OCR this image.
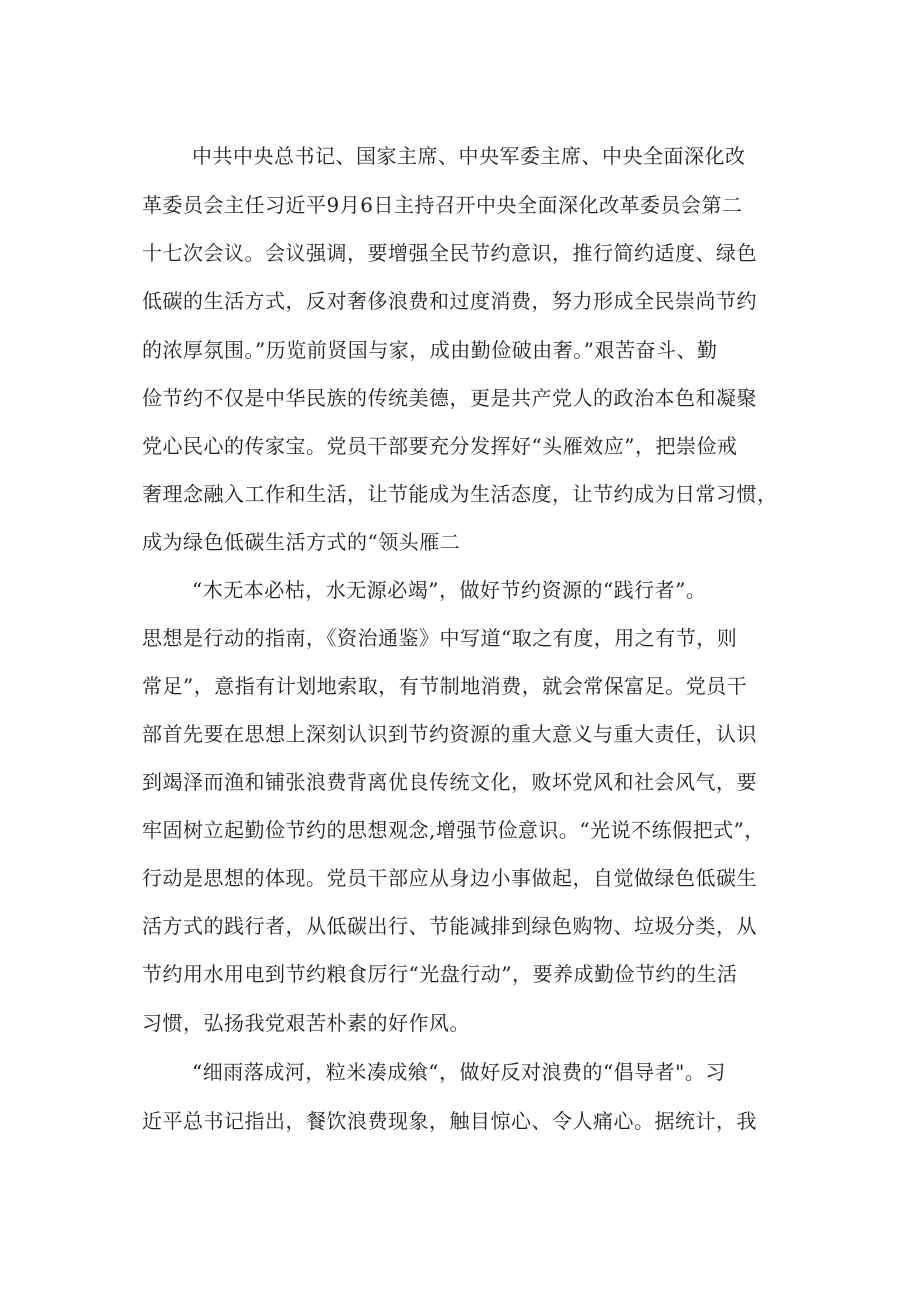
中共中央总书记、国家主席、中央军委主席、中央全面深化改
革委员会主任习近平9月6日主持召开中央全面深化改革委员会第二
十七次会议。会议强调，要增强全民节约意识，推行简约适度、绿色
低碳的生活方式，反对奢侈浪费和过度消费，努力形成全民崇尚节约
的浓厚氛围。”历览前贤国与家，成由勤俭破由奢。”艰苦奋斗、勤
俭节约不仅是中华民族的传统美德，更是共产党人的政治本色和凝聚
党心民心的传家宝。党员干部要充分发挥好“头雁效应”，把崇俭戒
奢理念融入工作和生活，让节能成为生活态度，让节约成为日常习惯，
成为绿色低碳生活方式的“领头雁二
“木无本必枯，水无源必竭”，做好节约资源的“践行者”。
思想是行动的指南，《资治通鉴》中写道“取之有度，用之有节，则
常足”，意指有计划地索取，有节制地消费，就会常保富足。党员干
部首先要在思想上深刻认识到节约资源的重大意义与重大责任，认识
到竭泽而渔和铺张浪费背离优良传统文化，败坏党风和社会风气，要
牢固树立起勤俭节约的思想观念,增强节俭意识。“光说不练假把式”，
行动是思想的体现。党员干部应从身边小事做起，自觉做绿色低碳生
活方式的践行者，从低碳出行、节能减排到绿色购物、垃圾分类，从
节约用水用电到节约粮食厉行“光盘行动”，要养成勤俭节约的生活
习惯，弘扬我党艰苦朴素的好作风。
“细雨落成河，粒米凑成飨“，做好反对浪费的“倡导者"。习
近平总书记指出，餐饮浪费现象，触目惊心、令人痛心。据统计，我
